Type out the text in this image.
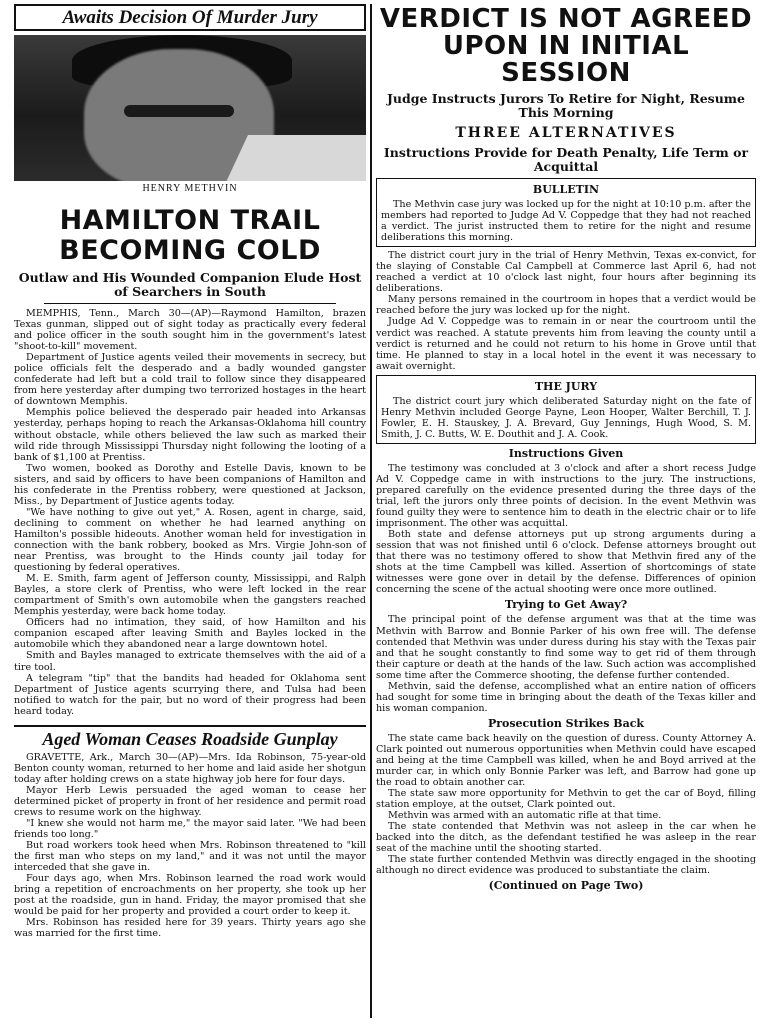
Awaits Decision Of Murder Jury
HENRY METHVIN
HAMILTON TRAIL BECOMING COLD
Outlaw and His Wounded Companion Elude Host of Searchers in South

MEMPHIS, Tenn., March 30—(AP)—Raymond Hamilton, brazen Texas gunman, slipped out of sight today as practically every federal and police officer in the south sought him in the government's latest "shoot-to-kill" movement.

Department of Justice agents veiled their movements in secrecy, but police officials felt the desperado and a badly wounded gangster confederate had left but a cold trail to follow since they disappeared from here yesterday after dumping two terrorized hostages in the heart of downtown Memphis.

Memphis police believed the desperado pair headed into Arkansas yesterday, perhaps hoping to reach the Arkansas-Oklahoma hill country without obstacle, while others believed the law such as marked their wild ride through Mississippi Thursday night following the looting of a bank of $1,100 at Prentiss.

Two women, booked as Dorothy and Estelle Davis, known to be sisters, and said by officers to have been companions of Hamilton and his confederate in the Prentiss robbery, were questioned at Jackson, Miss., by Department of Justice agents today.

"We have nothing to give out yet," A. Rosen, agent in charge, said, declining to comment on whether he had learned anything on Hamilton's possible hideouts. Another woman held for investigation in connection with the bank robbery, booked as Mrs. Virgie John-son of near Prentiss, was brought to the Hinds county jail today for questioning by federal operatives.

M. E. Smith, farm agent of Jefferson county, Mississippi, and Ralph Bayles, a store clerk of Prentiss, who were left locked in the rear compartment of Smith's own automobile when the gangsters reached Memphis yesterday, were back home today.

Officers had no intimation, they said, of how Hamilton and his companion escaped after leaving Smith and Bayles locked in the automobile which they abandoned near a large downtown hotel.

Smith and Bayles managed to extricate themselves with the aid of a tire tool.

A telegram "tip" that the bandits had headed for Oklahoma sent Department of Justice agents scurrying there, and Tulsa had been notified to watch for the pair, but no word of their progress had been heard today.

Aged Woman Ceases Roadside Gunplay

GRAVETTE, Ark., March 30—(AP)—Mrs. Ida Robinson, 75-year-old Benton county woman, returned to her home and laid aside her shotgun today after holding crews on a state highway job here for four days.

Mayor Herb Lewis persuaded the aged woman to cease her determined picket of property in front of her residence and permit road crews to resume work on the highway.

"I knew she would not harm me," the mayor said later. "We had been friends too long."

But road workers took heed when Mrs. Robinson threatened to "kill the first man who steps on my land," and it was not until the mayor interceded that she gave in.

Four days ago, when Mrs. Robinson learned the road work would bring a repetition of encroachments on her property, she took up her post at the roadside, gun in hand. Friday, the mayor promised that she would be paid for her property and provided a court order to keep it.

Mrs. Robinson has resided here for 39 years. Thirty years ago she was married for the first time.

VERDICT IS NOT AGREED UPON IN INITIAL SESSION
Judge Instructs Jurors To Retire for Night, Resume This Morning
THREE ALTERNATIVES
Instructions Provide for Death Penalty, Life Term or Acquittal
BULLETIN

The Methvin case jury was locked up for the night at 10:10 p.m. after the members had reported to Judge Ad V. Coppedge that they had not reached a verdict. The jurist instructed them to retire for the night and resume deliberations this morning.

The district court jury in the trial of Henry Methvin, Texas ex-convict, for the slaying of Constable Cal Campbell at Commerce last April 6, had not reached a verdict at 10 o'clock last night, four hours after beginning its deliberations.

Many persons remained in the courtroom in hopes that a verdict would be reached before the jury was locked up for the night.

Judge Ad V. Coppedge was to remain in or near the courtroom until the verdict was reached. A statute prevents him from leaving the county until a verdict is returned and he could not return to his home in Grove until that time. He planned to stay in a local hotel in the event it was necessary to await overnight.

THE JURY

The district court jury which deliberated Saturday night on the fate of Henry Methvin included George Payne, Leon Hooper, Walter Berchill, T. J. Fowler, E. H. Stauskey, J. A. Brevard, Guy Jennings, Hugh Wood, S. M. Smith, J. C. Butts, W. E. Douthit and J. A. Cook.

Instructions Given

The testimony was concluded at 3 o'clock and after a short recess Judge Ad V. Coppedge came in with instructions to the jury. The instructions, prepared carefully on the evidence presented during the three days of the trial, left the jurors only three points of decision. In the event Methvin was found guilty they were to sentence him to death in the electric chair or to life imprisonment. The other was acquittal.

Both state and defense attorneys put up strong arguments during a session that was not finished until 6 o'clock. Defense attorneys brought out that there was no testimony offered to show that Methvin fired any of the shots at the time Campbell was killed. Assertion of shortcomings of state witnesses were gone over in detail by the defense. Differences of opinion concerning the scene of the actual shooting were once more outlined.

Trying to Get Away?

The principal point of the defense argument was that at the time was Methvin with Barrow and Bonnie Parker of his own free will. The defense contended that Methvin was under duress during his stay with the Texas pair and that he sought constantly to find some way to get rid of them through their capture or death at the hands of the law. Such action was accomplished some time after the Commerce shooting, the defense further contended.

Methvin, said the defense, accomplished what an entire nation of officers had sought for some time in bringing about the death of the Texas killer and his woman companion.

Prosecution Strikes Back

The state came back heavily on the question of duress. County Attorney A. Clark pointed out numerous opportunities when Methvin could have escaped and being at the time Campbell was killed, when he and Boyd arrived at the murder car, in which only Bonnie Parker was left, and Barrow had gone up the road to obtain another car.

The state saw more opportunity for Methvin to get the car of Boyd, filling station employe, at the outset, Clark pointed out.

Methvin was armed with an automatic rifle at that time.

The state contended that Methvin was not asleep in the car when he backed into the ditch, as the defendant testified he was asleep in the rear seat of the machine until the shooting started.

The state further contended Methvin was directly engaged in the shooting although no direct evidence was produced to substantiate the claim.

(Continued on Page Two)
